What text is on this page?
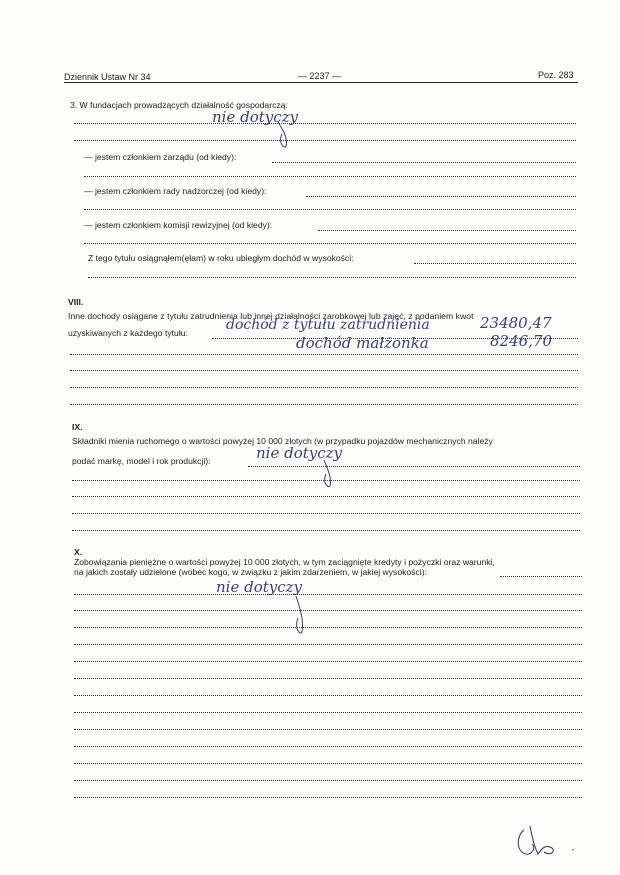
Dziennik Ustaw Nr 34	— 2237 —	Poz. 283
3. W fundacjach prowadzących działalność gospodarczą:
nie dotyczy
— jestem członkiem zarządu (od kiedy):
— jestem członkiem rady nadzorczej (od kiedy):
— jestem członkiem komisji rewizyjnej (od kiedy):
Z tego tytułu osiągnąłem(ęłam) w roku ubiegłym dochód w wysokości:
VIII.
Inne dochody osiągane z tytułu zatrudnienia lub innej działalności zarobkowej lub zajęć, z podaniem kwot
uzyskiwanych z każdego tytułu:	dochód z tytułu zatrudnienia	23480,47
dochód małżonka	8246,70
IX.
Składniki mienia ruchomego o wartości powyżej 10 000 złotych (w przypadku pojazdów mechanicznych należy
podać markę, model i rok produkcji):	nie dotyczy
X.
Zobowiązania pieniężne o wartości powyżej 10 000 złotych, w tym zaciągnięte kredyty i pożyczki oraz warunki,
na jakich zostały udzielone (wobec kogo, w związku z jakim zdarzeniem, w jakiej wysokości):
nie dotyczy
•
